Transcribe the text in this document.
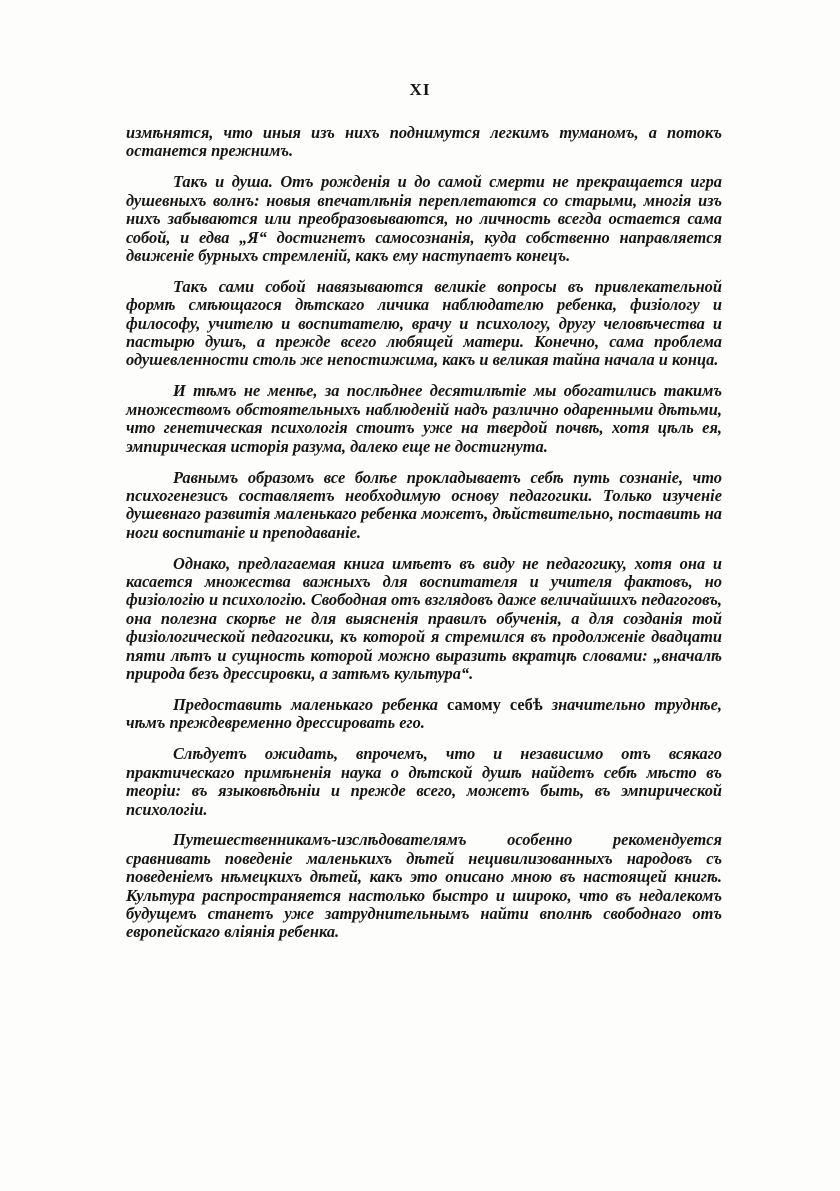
XI

измѣнятся, что иныя изъ нихъ поднимутся легкимъ туманомъ, а потокъ останется прежнимъ.

Такъ и душа. Отъ рожденія и до самой смерти не прекращается игра душевныхъ волнъ: новыя впечатлѣнія переплетаются со старыми, многія изъ нихъ забываются или преобразовываются, но личность всегда остается сама собой, и едва „Я“ достигнетъ самосознанія, куда собственно направляется движеніе бурныхъ стремленій, какъ ему наступаетъ конецъ.

Такъ сами собой навязываются великіе вопросы въ привлекательной формѣ смѣющагося дѣтскаго личика наблюдателю ребенка, физіологу и философу, учителю и воспитателю, врачу и психологу, другу человѣчества и пастырю душъ, а прежде всего любящей матери. Конечно, сама проблема одушевленности столь же непостижима, какъ и великая тайна начала и конца.

И тѣмъ не менѣе, за послѣднее десятилѣтіе мы обогатились такимъ множествомъ обстоятельныхъ наблюденій надъ различно одаренными дѣтьми, что генетическая психологія стоитъ уже на твердой почвѣ, хотя цѣль ея, эмпирическая исторія разума, далеко еще не достигнута.

Равнымъ образомъ все болѣе прокладываетъ себѣ путь сознаніе, что психогенезисъ составляетъ необходимую основу педагогики. Только изученіе душевнаго развитія маленькаго ребенка можетъ, дѣйствительно, поставить на ноги воспитаніе и преподаваніе.

Однако, предлагаемая книга имѣетъ въ виду не педагогику, хотя она и касается множества важныхъ для воспитателя и учителя фактовъ, но физіологію и психологію. Свободная отъ взглядовъ даже величайшихъ педагоговъ, она полезна скорѣе не для выясненія правилъ обученія, а для созданія той физіологической педагогики, къ которой я стремился въ продолженіе двадцати пяти лѣтъ и сущность которой можно выразить вкратцѣ словами: „вначалѣ природа безъ дрессировки, а затѣмъ культура“.

Предоставить маленькаго ребенка самому себѣ значительно труднѣе, чѣмъ преждевременно дрессировать его.

Слѣдуетъ ожидать, впрочемъ, что и независимо отъ всякаго практическаго примѣненія наука о дѣтской душѣ найдетъ себѣ мѣсто въ теоріи: въ языковѣдѣніи и прежде всего, можетъ быть, въ эмпирической психологіи.

Путешественникамъ-изслѣдователямъ особенно рекомендуется сравнивать поведеніе маленькихъ дѣтей нецивилизованныхъ народовъ съ поведеніемъ нѣмецкихъ дѣтей, какъ это описано мною въ настоящей книгѣ. Культура распространяется настолько быстро и широко, что въ недалекомъ будущемъ станетъ уже затруднительнымъ найти вполнѣ свободнаго отъ европейскаго вліянія ребенка.
